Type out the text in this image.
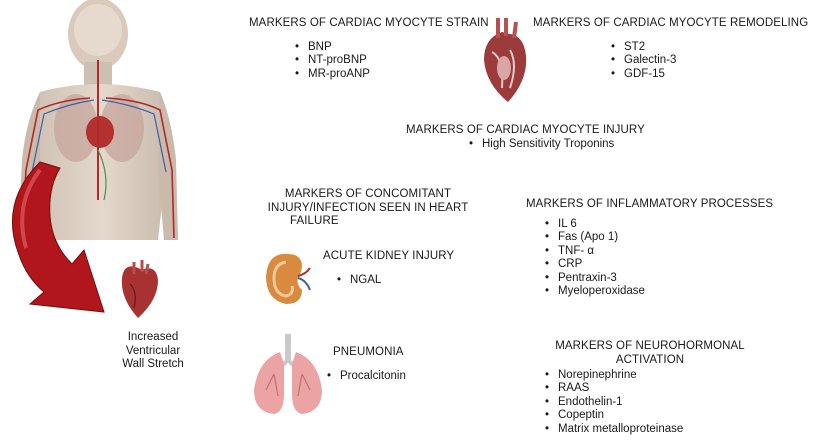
Increased
Ventricular
Wall Stretch
MARKERS OF CARDIAC MYOCYTE STRAIN
• BNP
• NT-proBNP
• MR-proANP
MARKERS OF CARDIAC MYOCYTE REMODELING
• ST2
• Galectin-3
• GDF-15
MARKERS OF CARDIAC MYOCYTE INJURY
• High Sensitivity Troponins
MARKERS OF CONCOMITANT
INJURY/INFECTION SEEN IN HEART
FAILURE
ACUTE KIDNEY INJURY
• NGAL
PNEUMONIA
• Procalcitonin
MARKERS OF INFLAMMATORY PROCESSES
• IL 6
• Fas (Apo 1)
• TNF- α
• CRP
• Pentraxin-3
• Myeloperoxidase
MARKERS OF NEUROHORMONAL
ACTIVATION
• Norepinephrine
• RAAS
• Endothelin-1
• Copeptin
• Matrix metalloproteinase
